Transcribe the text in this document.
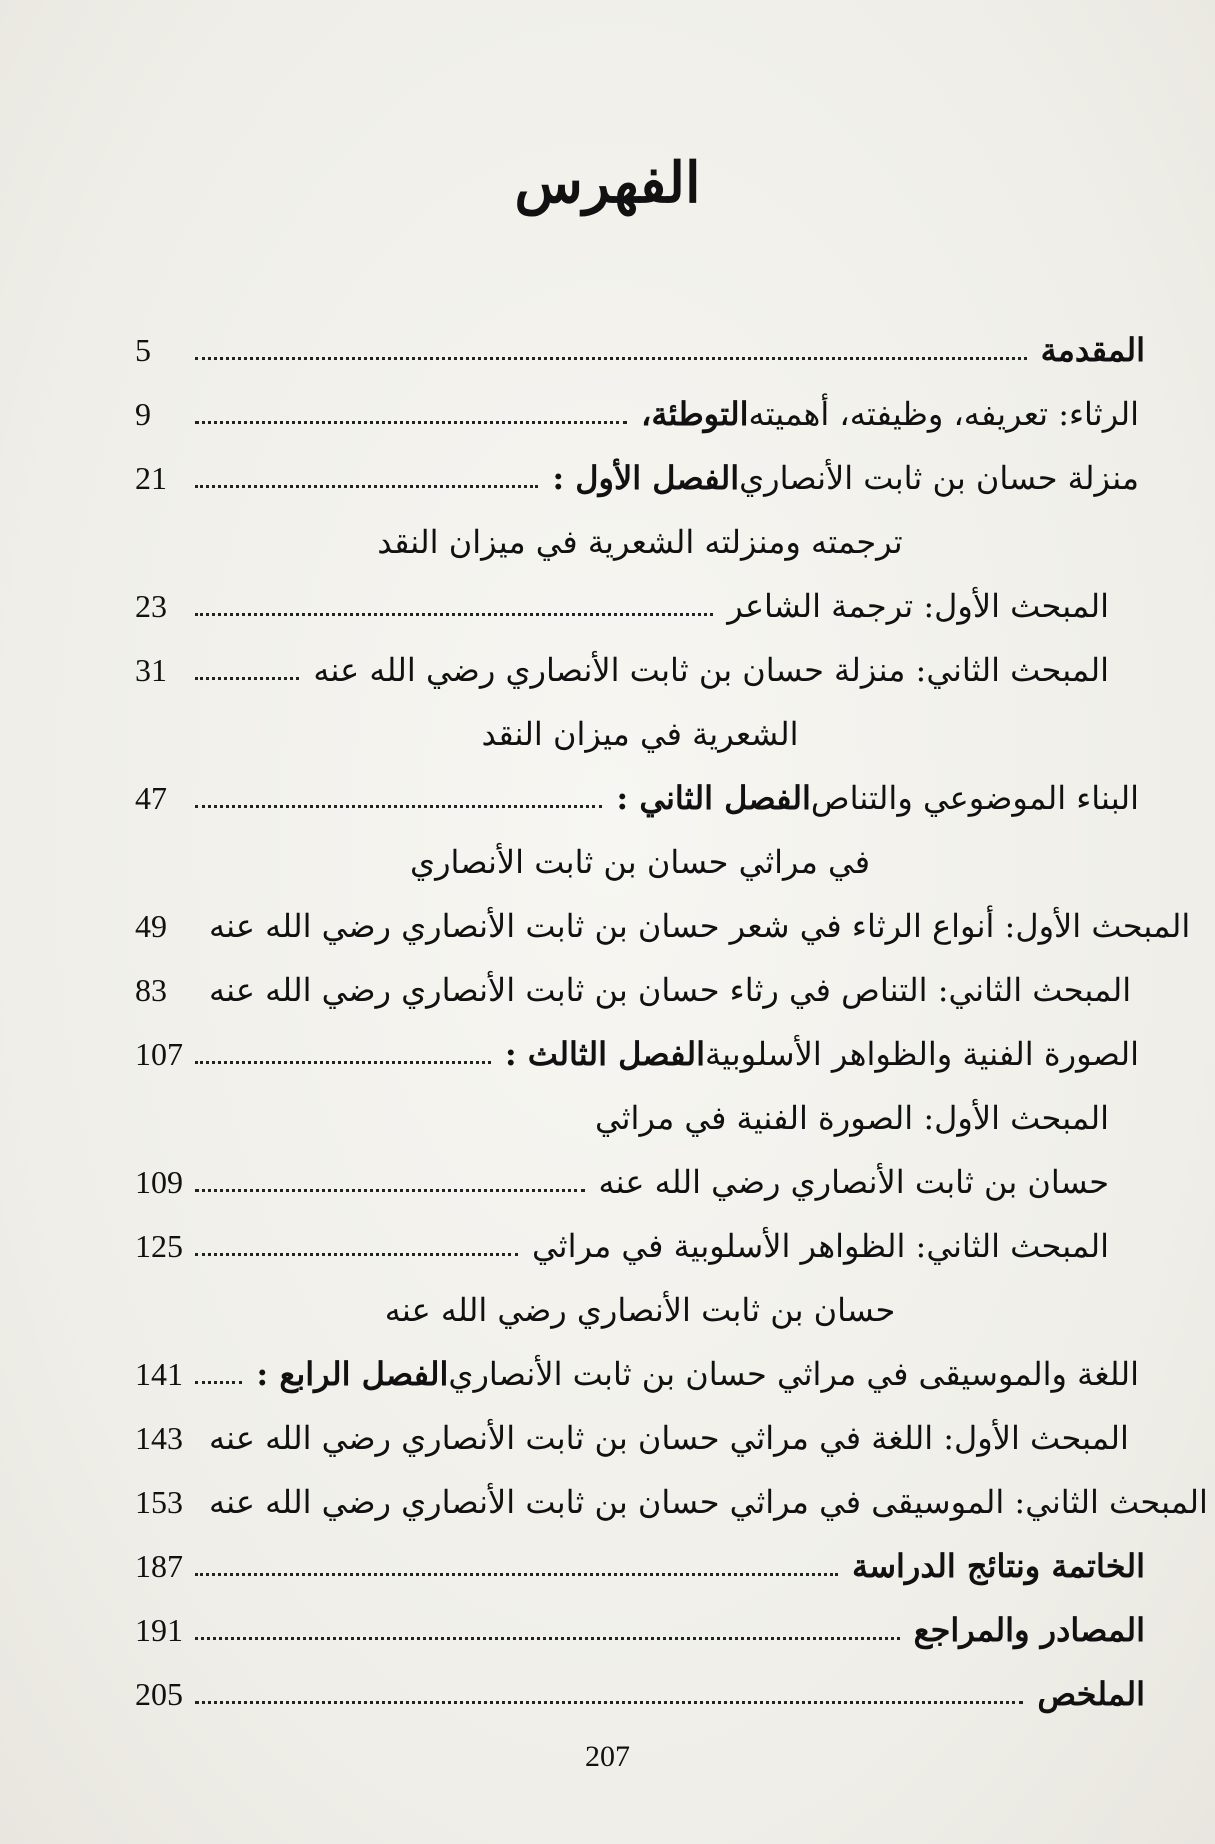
الفهرس
5	المقدمة
9	التوطئة، الرثاء: تعريفه، وظيفته، أهميته
21	الفصل الأول : منزلة حسان بن ثابت الأنصاري
ترجمته ومنزلته الشعرية في ميزان النقد
23	المبحث الأول: ترجمة الشاعر
31	المبحث الثاني: منزلة حسان بن ثابت الأنصاري رضي الله عنه
الشعرية في ميزان النقد
47	الفصل الثاني : البناء الموضوعي والتناص
في مراثي حسان بن ثابت الأنصاري
49	المبحث الأول: أنواع الرثاء في شعر حسان بن ثابت الأنصاري رضي الله عنه
83	المبحث الثاني: التناص في رثاء حسان بن ثابت الأنصاري رضي الله عنه
107	الفصل الثالث : الصورة الفنية والظواهر الأسلوبية
المبحث الأول: الصورة الفنية في مراثي
109	حسان بن ثابت الأنصاري رضي الله عنه
125	المبحث الثاني: الظواهر الأسلوبية في مراثي
حسان بن ثابت الأنصاري رضي الله عنه
141 الفصل الرابع : اللغة والموسيقى في مراثي حسان بن ثابت الأنصاري
143 المبحث الأول: اللغة في مراثي حسان بن ثابت الأنصاري رضي الله عنه
153 المبحث الثاني: الموسيقى في مراثي حسان بن ثابت الأنصاري رضي الله عنه
187	الخاتمة ونتائج الدراسة
191	المصادر والمراجع
205	الملخص
207
